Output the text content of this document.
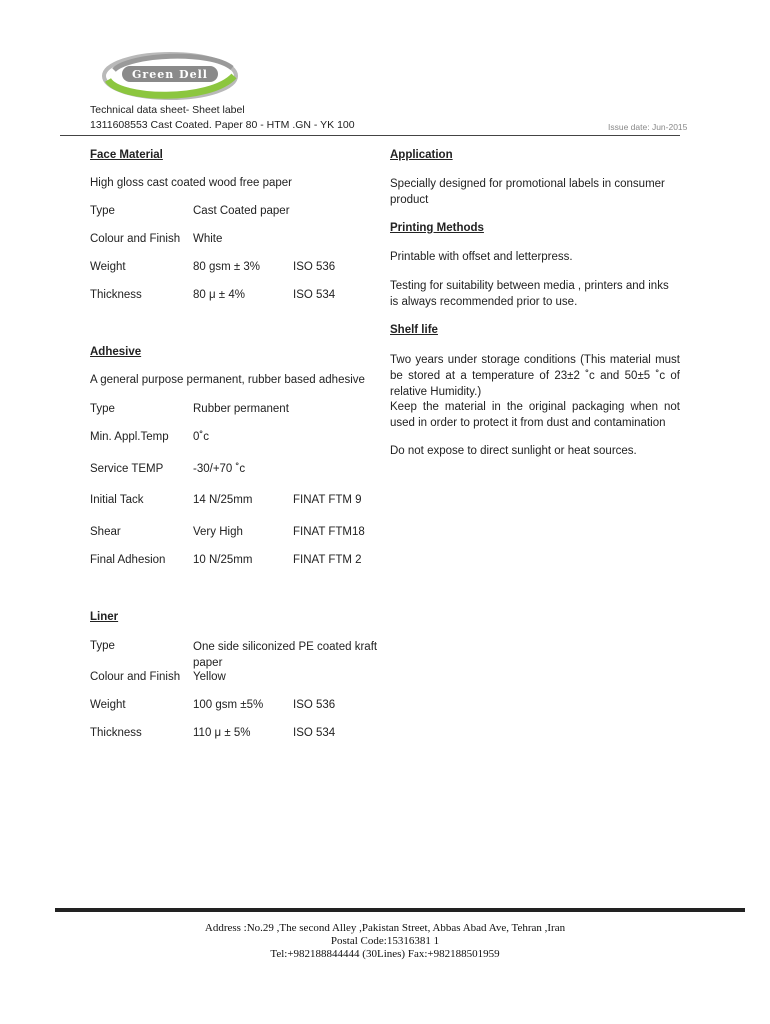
Green Dell
Technical data sheet- Sheet label
1311608553 Cast Coated. Paper 80 - HTM .GN - YK 100	Issue date: Jun-2015
Face Material
High gloss cast coated wood free paper
Type	Cast Coated paper
Colour and Finish White
Weight	80 gsm ± 3%	ISO 536
Thickness	80 μ ± 4%	ISO 534
Adhesive
A general purpose permanent, rubber based adhesive
Type	Rubber permanent
Min. Appl.Temp 0˚c
Service TEMP	-30/+70 ˚c
Initial Tack	14 N/25mm	FINAT FTM 9
Shear	Very High	FINAT FTM18
Final Adhesion 10 N/25mm	FINAT FTM 2
Liner
Type	One side siliconized PE coated kraft paper
Colour and Finish Yellow
Weight	100 gsm ±5%	ISO 536
Thickness	110 μ ± 5%	ISO 534
Application
Specially designed for promotional labels in consumer product
Printing Methods
Printable with offset and letterpress.
Testing for suitability between media , printers and inks is always recommended prior to use.
Shelf life
Two years under storage conditions (This material must be stored at a temperature of 23±2 ˚c and 50±5 ˚c of relative Humidity.)
Keep the material in the original packaging when not used in order to protect it from dust and contamination
Do not expose to direct sunlight or heat sources.
Address :No.29 ,The second Alley ,Pakistan Street, Abbas Abad Ave, Tehran ,Iran
Postal Code:15316381 1
Tel:+982188844444 (30Lines) Fax:+982188501959
